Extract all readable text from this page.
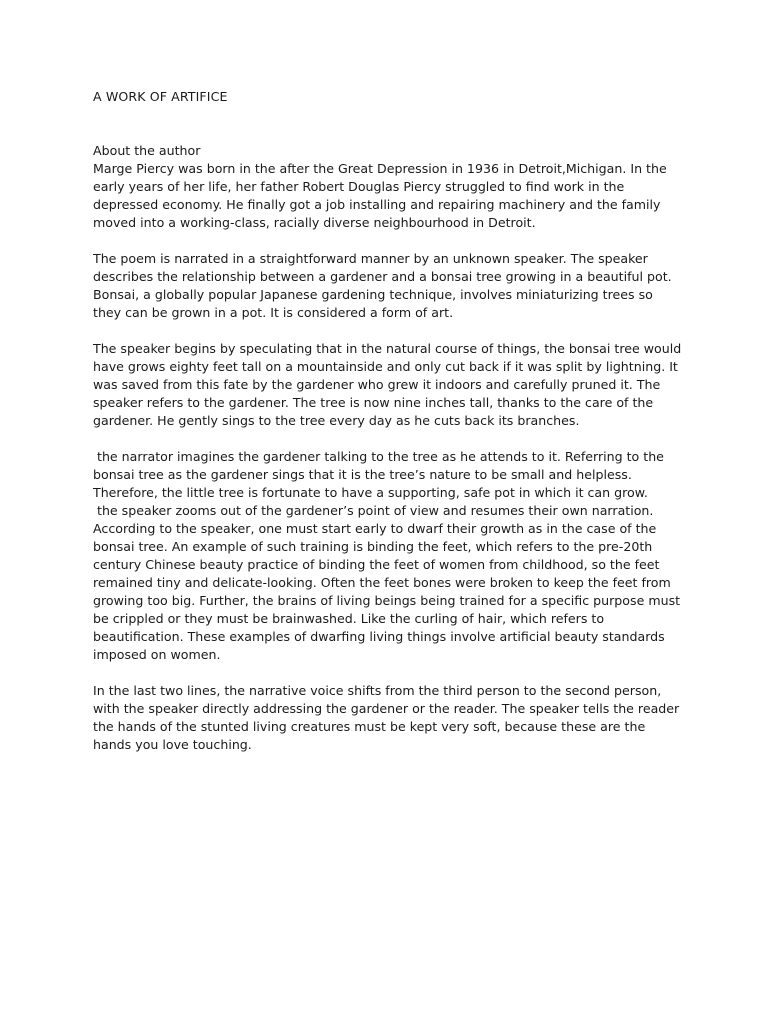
A WORK OF ARTIFICE

About the author

Marge Piercy was born in the after the Great Depression in 1936 in Detroit,Michigan. In the early years of her life, her father Robert Douglas Piercy struggled to find work in the depressed economy. He finally got a job installing and repairing machinery and the family moved into a working-class, racially diverse neighbourhood in Detroit.

The poem is narrated in a straightforward manner by an unknown speaker. The speaker describes the relationship between a gardener and a bonsai tree growing in a beautiful pot. Bonsai, a globally popular Japanese gardening technique, involves miniaturizing trees so they can be grown in a pot. It is considered a form of art.

The speaker begins by speculating that in the natural course of things, the bonsai tree would have grows eighty feet tall on a mountainside and only cut back if it was split by lightning. It was saved from this fate by the gardener who grew it indoors and carefully pruned it. The speaker refers to the gardener. The tree is now nine inches tall, thanks to the care of the gardener. He gently sings to the tree every day as he cuts back its branches.

the narrator imagines the gardener talking to the tree as he attends to it. Referring to the bonsai tree as the gardener sings that it is the tree’s nature to be small and helpless. Therefore, the little tree is fortunate to have a supporting, safe pot in which it can grow.
the speaker zooms out of the gardener’s point of view and resumes their own narration. According to the speaker, one must start early to dwarf their growth as in the case of the bonsai tree. An example of such training is binding the feet, which refers to the pre-20th century Chinese beauty practice of binding the feet of women from childhood, so the feet remained tiny and delicate-looking. Often the feet bones were broken to keep the feet from growing too big. Further, the brains of living beings being trained for a specific purpose must be crippled or they must be brainwashed. Like the curling of hair, which refers to beautification. These examples of dwarfing living things involve artificial beauty standards imposed on women.

In the last two lines, the narrative voice shifts from the third person to the second person, with the speaker directly addressing the gardener or the reader. The speaker tells the reader the hands of the stunted living creatures must be kept very soft, because these are the hands you love touching.
